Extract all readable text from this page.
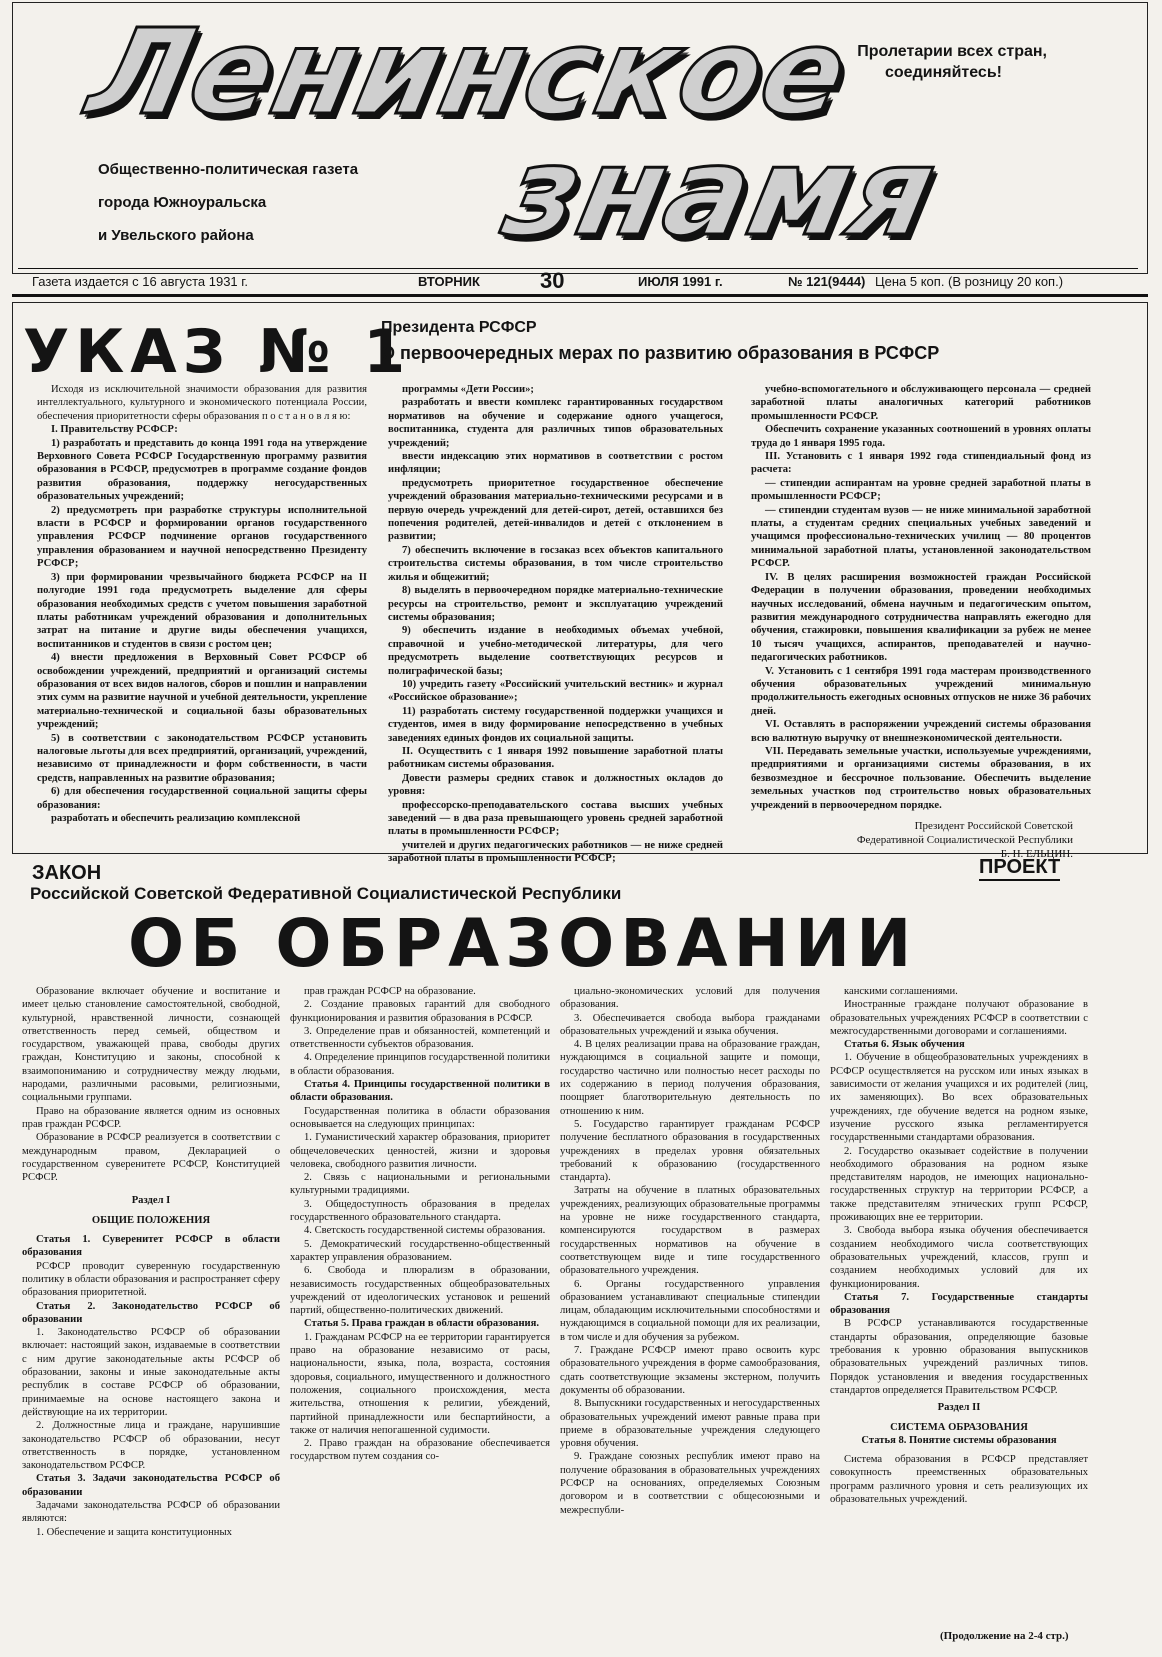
Ленинское
знамя
Пролетарии всех стран,
соединяйтесь!
Общественно-политическая газета
города Южноуральска
и Увельского района
Газета издается с 16 августа 1931 г.	ВТОРНИК	30	ИЮЛЯ 1991 г.	№ 121(9444) Цена 5 коп. (В розницу 20 коп.)
УКАЗ № 1
Президента РСФСР
О первоочередных мерах по развитию образования в РСФСР

Исходя из исключительной значимости образования для развития интеллектуального, культурного и экономического потенциала России, обеспечения приоритетности сферы образования п о с т а н о в л я ю:

I. Правительству РСФСР:

1) разработать и представить до конца 1991 года на утверждение Верховного Совета РСФСР Государственную программу развития образования в РСФСР, предусмотрев в программе создание фондов развития образования, поддержку негосударственных образовательных учреждений;

2) предусмотреть при разработке структуры исполнительной власти в РСФСР и формировании органов государственного управления РСФСР подчинение органов государственного управления образованием и научной непосредственно Президенту РСФСР;

3) при формировании чрезвычайного бюджета РСФСР на II полугодие 1991 года предусмотреть выделение для сферы образования необходимых средств с учетом повышения заработной платы работникам учреждений образования и дополнительных затрат на питание и другие виды обеспечения учащихся, воспитанников и студентов в связи с ростом цен;

4) внести предложения в Верховный Совет РСФСР об освобождении учреждений, предприятий и организаций системы образования от всех видов налогов, сборов и пошлин и направлении этих сумм на развитие научной и учебной деятельности, укрепление материально-технической и социальной базы образовательных учреждений;

5) в соответствии с законодательством РСФСР установить налоговые льготы для всех предприятий, организаций, учреждений, независимо от принадлежности и форм собственности, в части средств, направленных на развитие образования;

6) для обеспечения государственной социальной защиты сферы образования:

разработать и обеспечить реализацию комплексной

программы «Дети России»;

разработать и ввести комплекс гарантированных государством нормативов на обучение и содержание одного учащегося, воспитанника, студента для различных типов образовательных учреждений;

ввести индексацию этих нормативов в соответствии с ростом инфляции;

предусмотреть приоритетное государственное обеспечение учреждений образования материально-техническими ресурсами и в первую очередь учреждений для детей-сирот, детей, оставшихся без попечения родителей, детей-инвалидов и детей с отклонением в развитии;

7) обеспечить включение в госзаказ всех объектов капитального строительства системы образования, в том числе строительство жилья и общежитий;

8) выделять в первоочередном порядке материально-технические ресурсы на строительство, ремонт и эксплуатацию учреждений системы образования;

9) обеспечить издание в необходимых объемах учебной, справочной и учебно-методической литературы, для чего предусмотреть выделение соответствующих ресурсов и полиграфической базы;

10) учредить газету «Российский учительский вестник» и журнал «Российское образование»;

11) разработать систему государственной поддержки учащихся и студентов, имея в виду формирование непосредственно в учебных заведениях единых фондов их социальной защиты.

II. Осуществить с 1 января 1992 повышение заработной платы работникам системы образования.

Довести размеры средних ставок и должностных окладов до уровня:

профессорско-преподавательского состава высших учебных заведений — в два раза превышающего уровень средней заработной платы в промышленности РСФСР;

учителей и других педагогических работников — не ниже средней заработной платы в промышленности РСФСР;

учебно-вспомогательного и обслуживающего персонала — средней заработной платы аналогичных категорий работников промышленности РСФСР.

Обеспечить сохранение указанных соотношений в уровнях оплаты труда до 1 января 1995 года.

III. Установить с 1 января 1992 года стипендиальный фонд из расчета:

— стипендии аспирантам на уровне средней заработной платы в промышленности РСФСР;

— стипендии студентам вузов — не ниже минимальной заработной платы, а студентам средних специальных учебных заведений и учащимся профессионально-технических училищ — 80 процентов минимальной заработной платы, установленной законодательством РСФСР.

IV. В целях расширения возможностей граждан Российской Федерации в получении образования, проведении необходимых научных исследований, обмена научным и педагогическим опытом, развития международного сотрудничества направлять ежегодно для обучения, стажировки, повышения квалификации за рубеж не менее 10 тысяч учащихся, аспирантов, преподавателей и научно-педагогических работников.

V. Установить с 1 сентября 1991 года мастерам производственного обучения образовательных учреждений минимальную продолжительность ежегодных основных отпусков не ниже 36 рабочих дней.

VI. Оставлять в распоряжении учреждений системы образования всю валютную выручку от внешнеэкономической деятельности.

VII. Передавать земельные участки, используемые учреждениями, предприятиями и организациями системы образования, в их безвозмездное и бессрочное пользование. Обеспечить выделение земельных участков под строительство новых образовательных учреждений в первоочередном порядке.

Президент Российской Советской
Федеративной Социалистической Республики
Б. Н. ЕЛЬЦИН.
ЗАКОН	ПРОЕКТ
Российской Советской Федеративной Социалистической Республики
ОБ ОБРАЗОВАНИИ

Образование включает обучение и воспитание и имеет целью становление самостоятельной, свободной, культурной, нравственной личности, сознающей ответственность перед семьей, обществом и государством, уважающей права, свободы других граждан, Конституцию и законы, способной к взаимопониманию и сотрудничеству между людьми, народами, различными расовыми, религиозными, социальными группами.

Право на образование является одним из основных прав граждан РСФСР.

Образование в РСФСР реализуется в соответствии с международным правом, Декларацией о государственном суверенитете РСФСР, Конституцией РСФСР.

Раздел I

ОБЩИЕ ПОЛОЖЕНИЯ

Статья 1. Суверенитет РСФСР в области образования

РСФСР проводит суверенную государственную политику в области образования и распространяет сферу образования приоритетной.

Статья 2. Законодательство РСФСР об образовании

1. Законодательство РСФСР об образовании включает: настоящий закон, издаваемые в соответствии с ним другие законодательные акты РСФСР об образовании, законы и иные законодательные акты республик в составе РСФСР об образовании, принимаемые на основе настоящего закона и действующие на их территории.

2. Должностные лица и граждане, нарушившие законодательство РСФСР об образовании, несут ответственность в порядке, установленном законодательством РСФСР.

Статья 3. Задачи законодательства РСФСР об образовании

Задачами законодательства РСФСР об образовании являются:

1. Обеспечение и защита конституционных

прав граждан РСФСР на образование.

2. Создание правовых гарантий для свободного функционирования и развития образования в РСФСР.

3. Определение прав и обязанностей, компетенций и ответственности субъектов образования.

4. Определение принципов государственной политики в области образования.

Статья 4. Принципы государственной политики в области образования.

Государственная политика в области образования основывается на следующих принципах:

1. Гуманистический характер образования, приоритет общечеловеческих ценностей, жизни и здоровья человека, свободного развития личности.

2. Связь с национальными и региональными культурными традициями.

3. Общедоступность образования в пределах государственного образовательного стандарта.

4. Светскость государственной системы образования.

5. Демократический государственно-общественный характер управления образованием.

6. Свобода и плюрализм в образовании, независимость государственных общеобразовательных учреждений от идеологических установок и решений партий, общественно-политических движений.

Статья 5. Права граждан в области образования.

1. Гражданам РСФСР на ее территории гарантируется право на образование независимо от расы, национальности, языка, пола, возраста, состояния здоровья, социального, имущественного и должностного положения, социального происхождения, места жительства, отношения к религии, убеждений, партийной принадлежности или беспартийности, а также от наличия непогашенной судимости.

2. Право граждан на образование обеспечивается государством путем создания со-

циально-экономических условий для получения образования.

3. Обеспечивается свобода выбора гражданами образовательных учреждений и языка обучения.

4. В целях реализации права на образование граждан, нуждающимся в социальной защите и помощи, государство частично или полностью несет расходы по их содержанию в период получения образования, поощряет благотворительную деятельность по отношению к ним.

5. Государство гарантирует гражданам РСФСР получение бесплатного образования в государственных учреждениях в пределах уровня обязательных требований к образованию (государственного стандарта).

Затраты на обучение в платных образовательных учреждениях, реализующих образовательные программы на уровне не ниже государственного стандарта, компенсируются государством в размерах государственных нормативов на обучение в соответствующем виде и типе государственного образовательного учреждения.

6. Органы государственного управления образованием устанавливают специальные стипендии лицам, обладающим исключительными способностями и нуждающимся в социальной помощи для их реализации, в том числе и для обучения за рубежом.

7. Граждане РСФСР имеют право освоить курс образовательного учреждения в форме самообразования, сдать соответствующие экзамены экстерном, получить документы об образовании.

8. Выпускники государственных и негосударственных образовательных учреждений имеют равные права при приеме в образовательные учреждения следующего уровня обучения.

9. Граждане союзных республик имеют право на получение образования в образовательных учреждениях РСФСР на основаниях, определяемых Союзным договором и в соответствии с общесоюзными и межреспубли-

канскими соглашениями.

Иностранные граждане получают образование в образовательных учреждениях РСФСР в соответствии с межгосударственными договорами и соглашениями.

Статья 6. Язык обучения

1. Обучение в общеобразовательных учреждениях в РСФСР осуществляется на русском или иных языках в зависимости от желания учащихся и их родителей (лиц, их заменяющих). Во всех образовательных учреждениях, где обучение ведется на родном языке, изучение русского языка регламентируется государственными стандартами образования.

2. Государство оказывает содействие в получении необходимого образования на родном языке представителям народов, не имеющих национально-государственных структур на территории РСФСР, а также представителям этнических групп РСФСР, проживающих вне ее территории.

3. Свобода выбора языка обучения обеспечивается созданием необходимого числа соответствующих образовательных учреждений, классов, групп и созданием необходимых условий для их функционирования.

Статья 7. Государственные стандарты образования

В РСФСР устанавливаются государственные стандарты образования, определяющие базовые требования к уровню образования выпускников образовательных учреждений различных типов. Порядок установления и введения государственных стандартов определяется Правительством РСФСР.

Раздел II

СИСТЕМА ОБРАЗОВАНИЯ

Статья 8. Понятие системы образования

Система образования в РСФСР представляет совокупность преемственных образовательных программ различного уровня и сеть реализующих их образовательных учреждений.

(Продолжение на 2-4 стр.)
